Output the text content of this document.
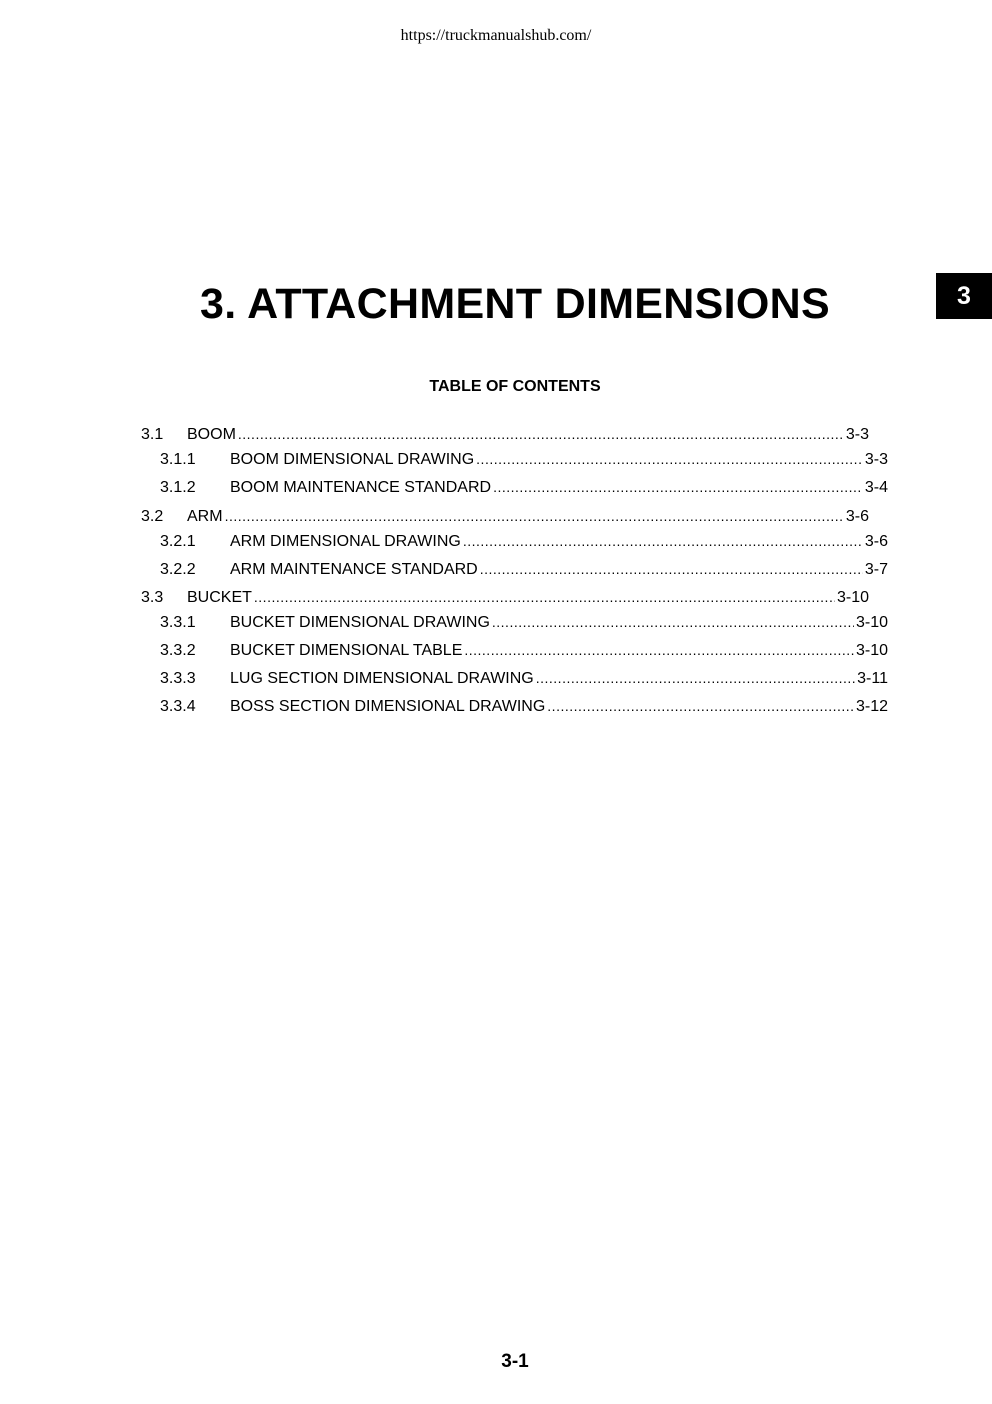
https://truckmanualshub.com/
3
3. ATTACHMENT DIMENSIONS
TABLE OF CONTENTS
3.1	BOOM .....	3-3
3.1.1	BOOM DIMENSIONAL DRAWING .....	3-3
3.1.2	BOOM MAINTENANCE STANDARD .....	3-4
3.2	ARM .....	3-6
3.2.1	ARM DIMENSIONAL DRAWING .....	3-6
3.2.2	ARM MAINTENANCE STANDARD .....	3-7
3.3	BUCKET .....	3-10
3.3.1	BUCKET DIMENSIONAL DRAWING .....	3-10
3.3.2	BUCKET DIMENSIONAL TABLE .....	3-10
3.3.3	LUG SECTION DIMENSIONAL DRAWING .....	3-11
3.3.4	BOSS SECTION DIMENSIONAL DRAWING .....	3-12
3-1
